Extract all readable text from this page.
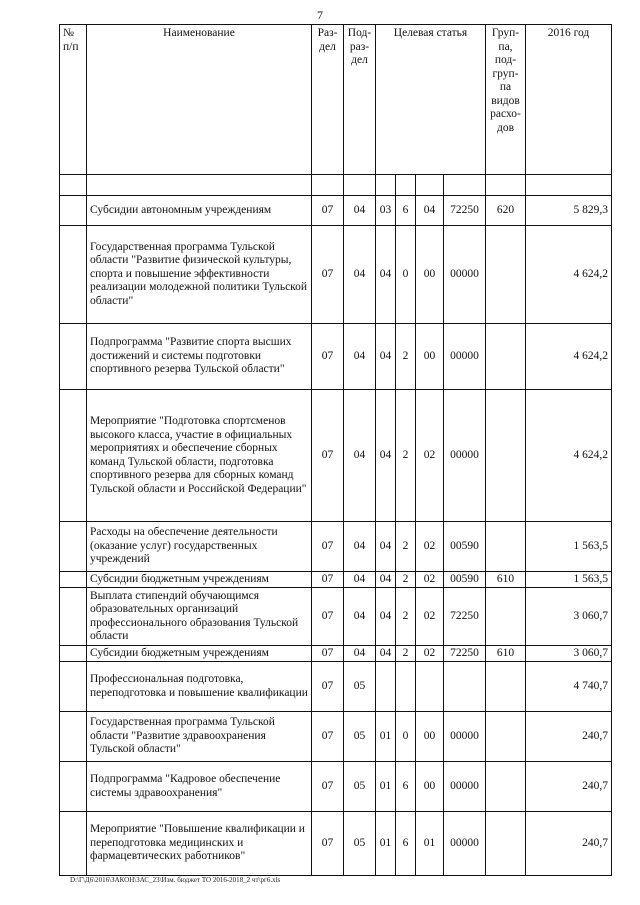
7
№ п/п	Наименование	Раз-дел	Под-раз-дел	Целевая статья				Груп-па, под-груп-па видов расхо-дов	2016 год

	Субсидии автономным учреждениям	07	04	03	6	04	72250	620	5 829,3
	Государственная программа Тульской области "Развитие физической культуры, спорта и повышение эффективности реализации молодежной политики Тульской области"	07	04	04	0	00	00000		4 624,2
	Подпрограмма "Развитие спорта высших достижений и системы подготовки спортивного резерва Тульской области"	07	04	04	2	00	00000		4 624,2
	Мероприятие "Подготовка спортсменов высокого класса, участие в официальных мероприятиях и обеспечение сборных команд Тульской области, подготовка спортивного резерва для сборных команд Тульской области и Российской Федерации"	07	04	04	2	02	00000		4 624,2
	Расходы на обеспечение деятельности (оказание услуг) государственных учреждений	07	04	04	2	02	00590		1 563,5
	Субсидии бюджетным учреждениям	07	04	04	2	02	00590	610	1 563,5
	Выплата стипендий обучающимся образовательных организаций профессионального образования Тульской области	07	04	04	2	02	72250		3 060,7
	Субсидии бюджетным учреждениям	07	04	04	2	02	72250	610	3 060,7
	Профессиональная подготовка, переподготовка и повышение квалификации	07	05						4 740,7
	Государственная программа Тульской области "Развитие здравоохранения Тульской области"	07	05	01	0	00	00000		240,7
	Подпрограмма "Кадровое обеспечение системы здравоохранения"	07	05	01	6	00	00000		240,7
	Мероприятие "Повышение квалификации и переподготовка медицинских и фармацевтических работников"	07	05	01	6	01	00000		240,7
D:\Г\Д6\2016\ЗАКОН\ЗАС_23\Изм. бюджет ТО 2016-2018_2 чт\рг6.xls
